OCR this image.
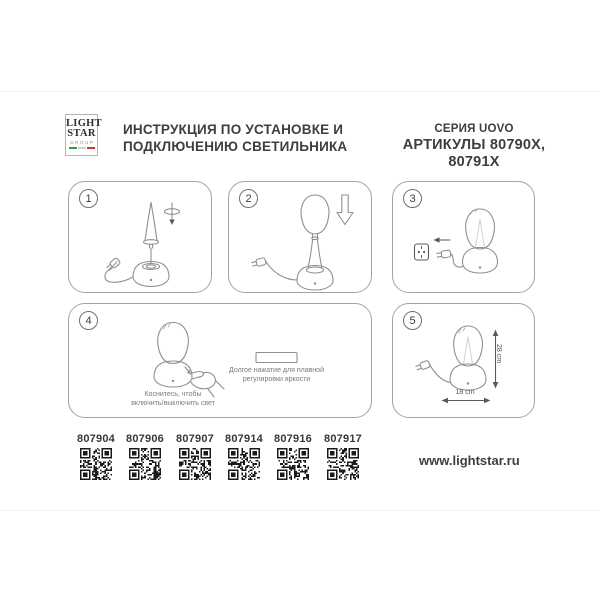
LIGHT
STAR
GROUP
ИНСТРУКЦИЯ ПО УСТАНОВКЕ И
ПОДКЛЮЧЕНИЮ СВЕТИЛЬНИКА
СЕРИЯ UOVO
АРТИКУЛЫ 80790X,
80791X
1	2	3
4
Коснитесь, чтобы
включить/выключить свет
Долгое нажатие для плавной
регулировки яркости
5
28 cm
18 cm
807904 807906 807907 807914 807916 807917
www.lightstar.ru
